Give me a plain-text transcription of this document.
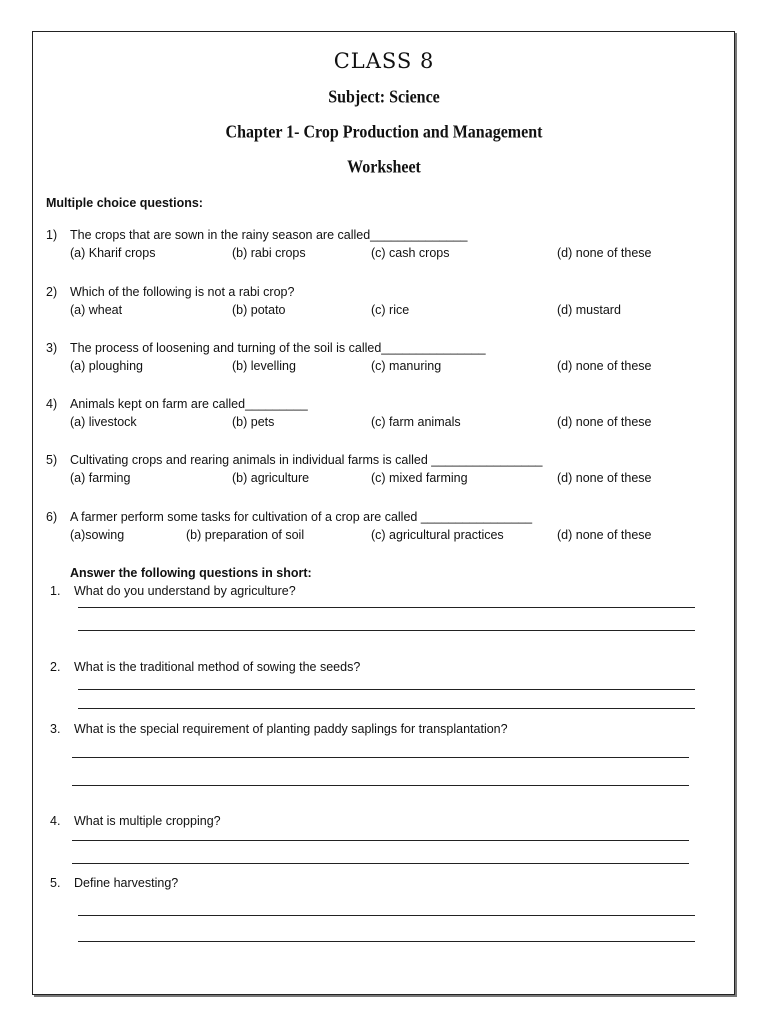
CLASS 8
Subject: Science
Chapter 1- Crop Production and Management
Worksheet
Multiple choice questions:
1) The crops that are sown in the rainy season are called______________
(a) Kharif crops	(b) rabi crops	(c) cash crops	(d) none of these
2) Which of the following is not a rabi crop?
(a) wheat	(b) potato	(c) rice	(d) mustard
3) The process of loosening and turning of the soil is called_______________
(a) ploughing	(b) levelling	(c) manuring	(d) none of these
4) Animals kept on farm are called_________
(a) livestock	(b) pets	(c) farm animals	(d) none of these
5) Cultivating crops and rearing animals in individual farms is called ________________
(a) farming	(b) agriculture	(c) mixed farming	(d) none of these
6) A farmer perform some tasks for cultivation of a crop are called ________________
(a)sowing	(b) preparation of soil	(c) agricultural practices	(d) none of these
Answer the following questions in short:
1. What do you understand by agriculture?
2. What is the traditional method of sowing the seeds?
3. What is the special requirement of planting paddy saplings for transplantation?
4. What is multiple cropping?
5. Define harvesting?
